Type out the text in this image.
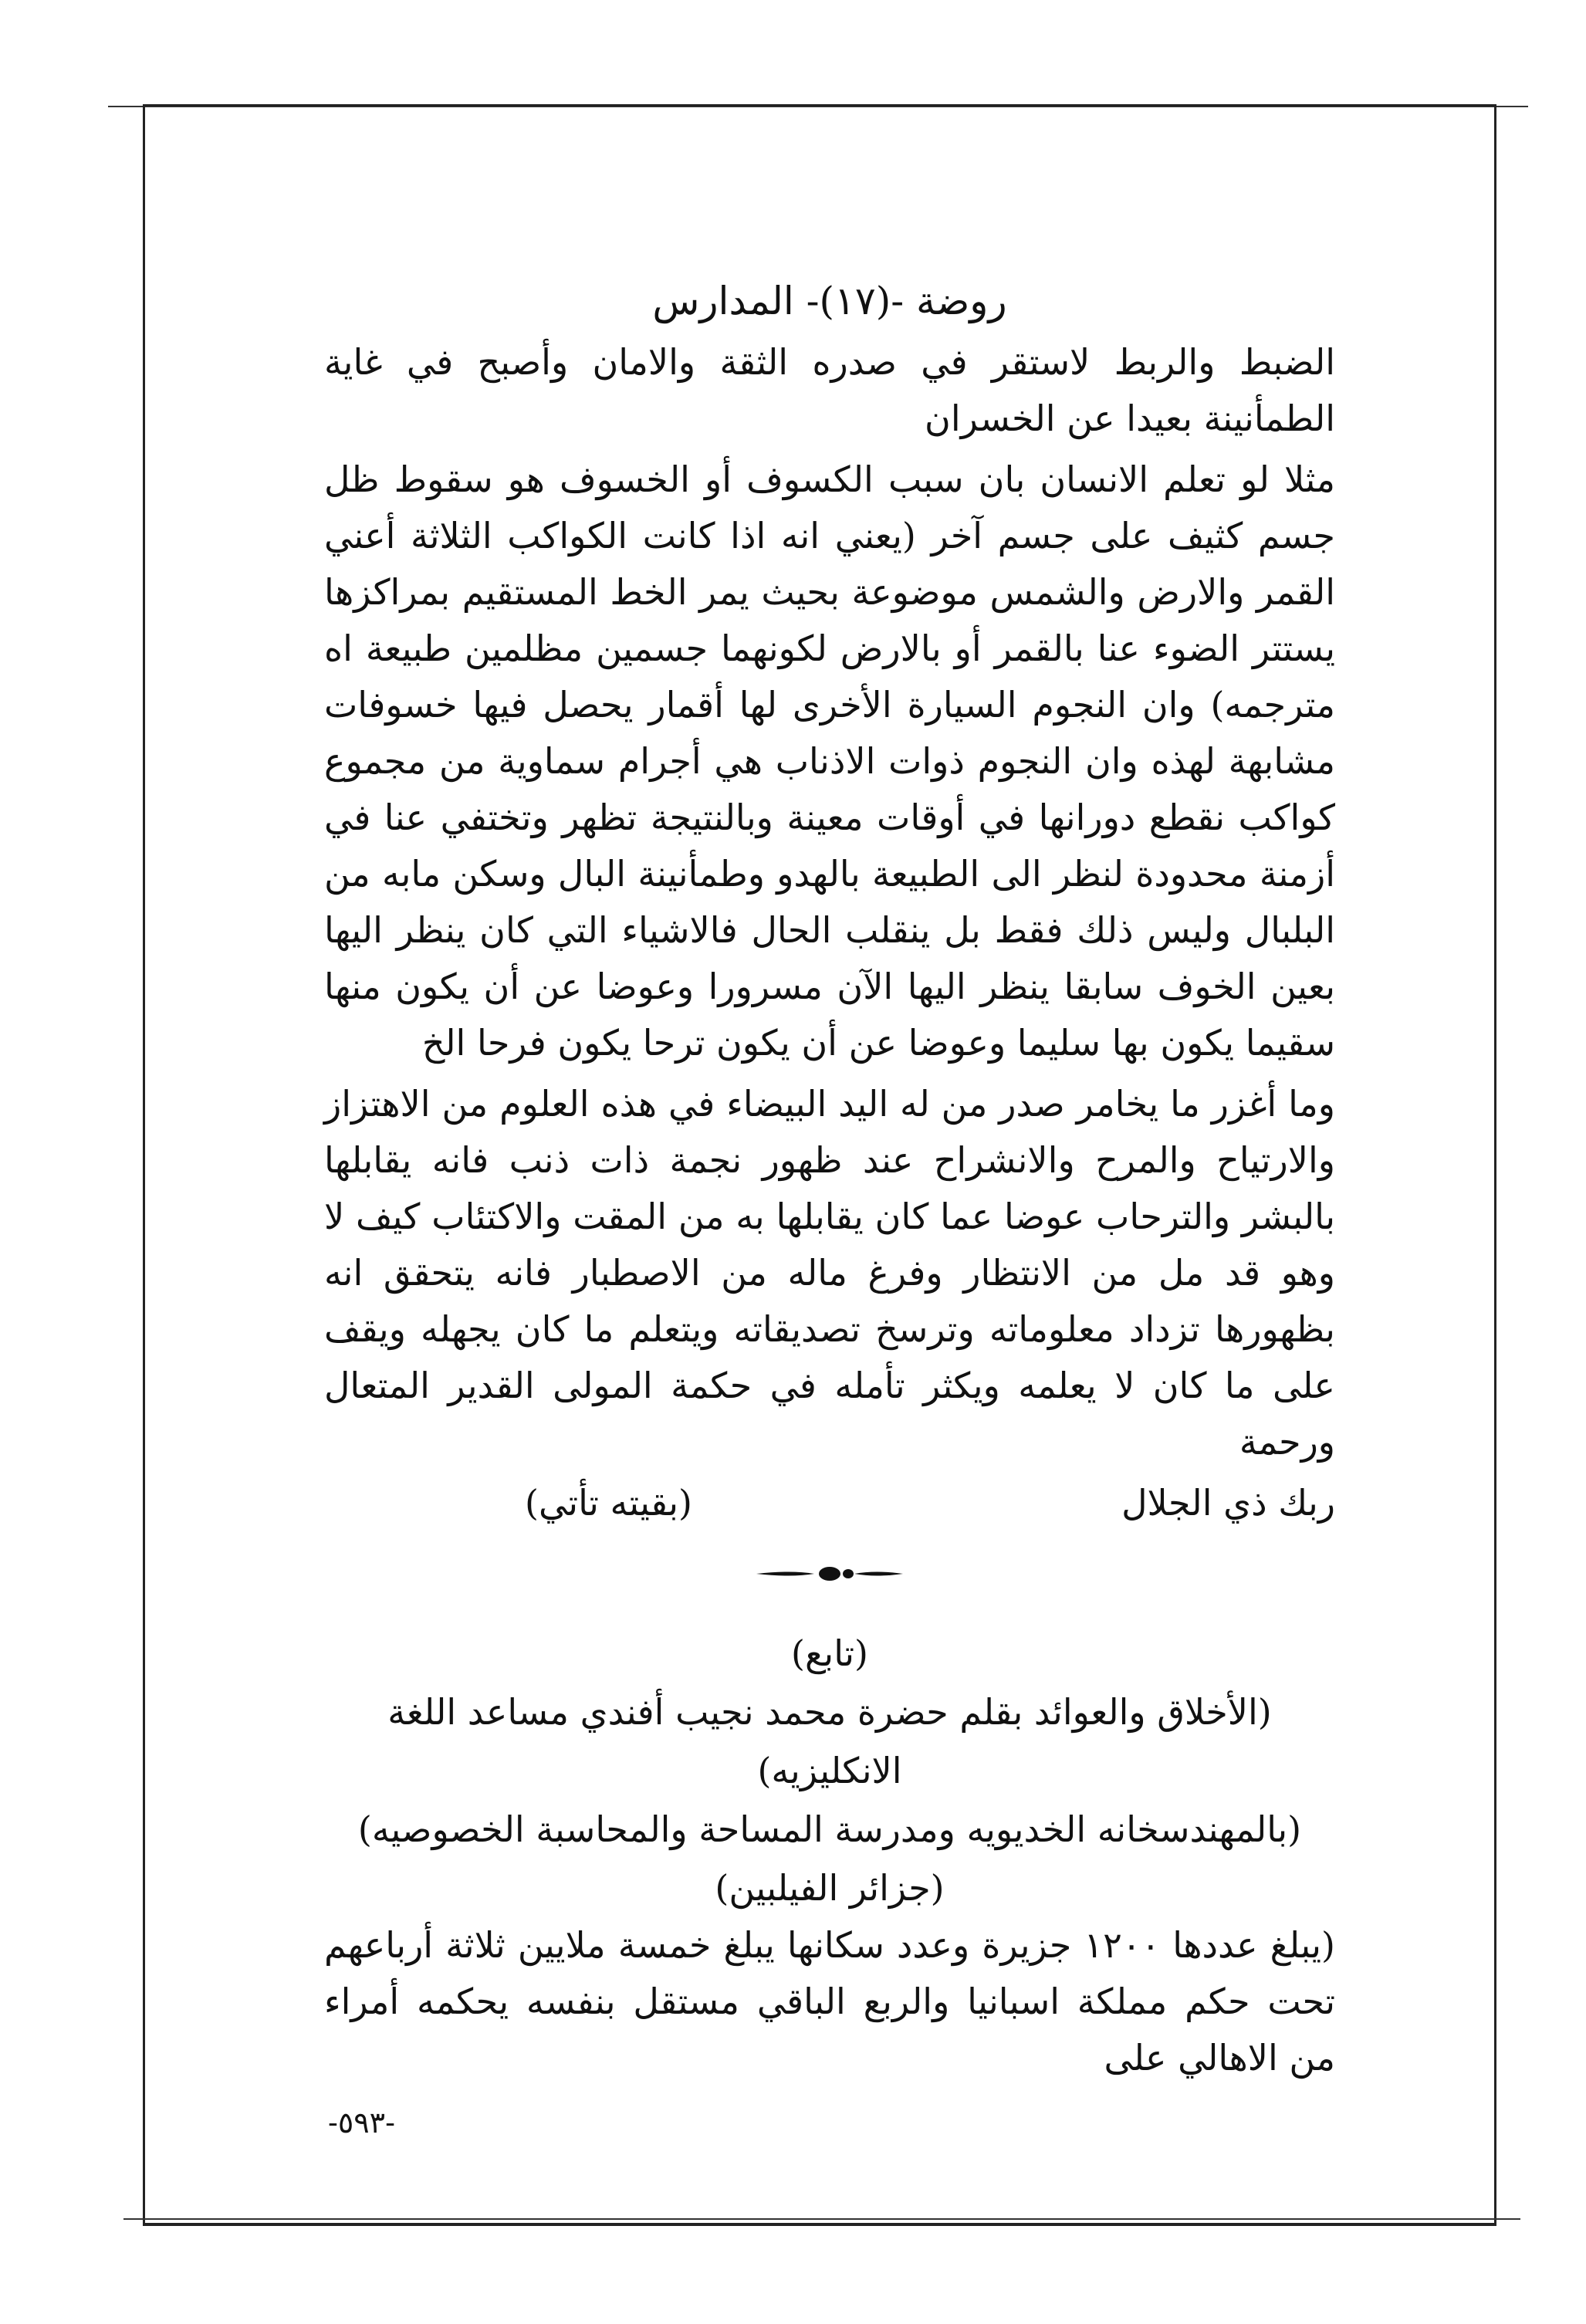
روضة -(١٧)- المدارس

الضبط والربط لاستقر في صدره الثقة والامان وأصبح في غاية الطمأنينة بعيدا عن الخسران

مثلا لو تعلم الانسان بان سبب الكسوف أو الخسوف هو سقوط ظل جسم كثيف على جسم آخر (يعني انه اذا كانت الكواكب الثلاثة أعني القمر والارض والشمس موضوعة بحيث يمر الخط المستقيم بمراكزها يستتر الضوء عنا بالقمر أو بالارض لكونهما جسمين مظلمين طبيعة اه مترجمه) وان النجوم السيارة الأخرى لها أقمار يحصل فيها خسوفات مشابهة لهذه وان النجوم ذوات الاذناب هي أجرام سماوية من مجموع كواكب نقطع دورانها في أوقات معينة وبالنتيجة تظهر وتختفي عنا في أزمنة محدودة لنظر الى الطبيعة بالهدو وطمأنينة البال وسكن مابه من البلبال وليس ذلك فقط بل ينقلب الحال فالاشياء التي كان ينظر اليها بعين الخوف سابقا ينظر اليها الآن مسرورا وعوضا عن أن يكون منها سقيما يكون بها سليما وعوضا عن أن يكون ترحا يكون فرحا الخ

وما أغزر ما يخامر صدر من له اليد البيضاء في هذه العلوم من الاهتزاز والارتياح والمرح والانشراح عند ظهور نجمة ذات ذنب فانه يقابلها بالبشر والترحاب عوضا عما كان يقابلها به من المقت والاكتئاب كيف لا وهو قد مل من الانتظار وفرغ ماله من الاصطبار فانه يتحقق انه بظهورها تزداد معلوماته وترسخ تصديقاته ويتعلم ما كان يجهله ويقف على ما كان لا يعلمه ويكثر تأمله في حكمة المولى القدير المتعال ورحمة

ربك ذي الجلال
(بقيته تأتي)
(تابع)
(الأخلاق والعوائد بقلم حضرة محمد نجيب أفندي مساعد اللغة الانكليزيه)
(بالمهندسخانه الخديويه ومدرسة المساحة والمحاسبة الخصوصيه)
(جزائر الفيلبين)

(يبلغ عددها ١٢٠٠ جزيرة وعدد سكانها يبلغ خمسة ملايين ثلاثة أرباعهم تحت حكم مملكة اسبانيا والربع الباقي مستقل بنفسه يحكمه أمراء من الاهالي على

-٥٩٣-
